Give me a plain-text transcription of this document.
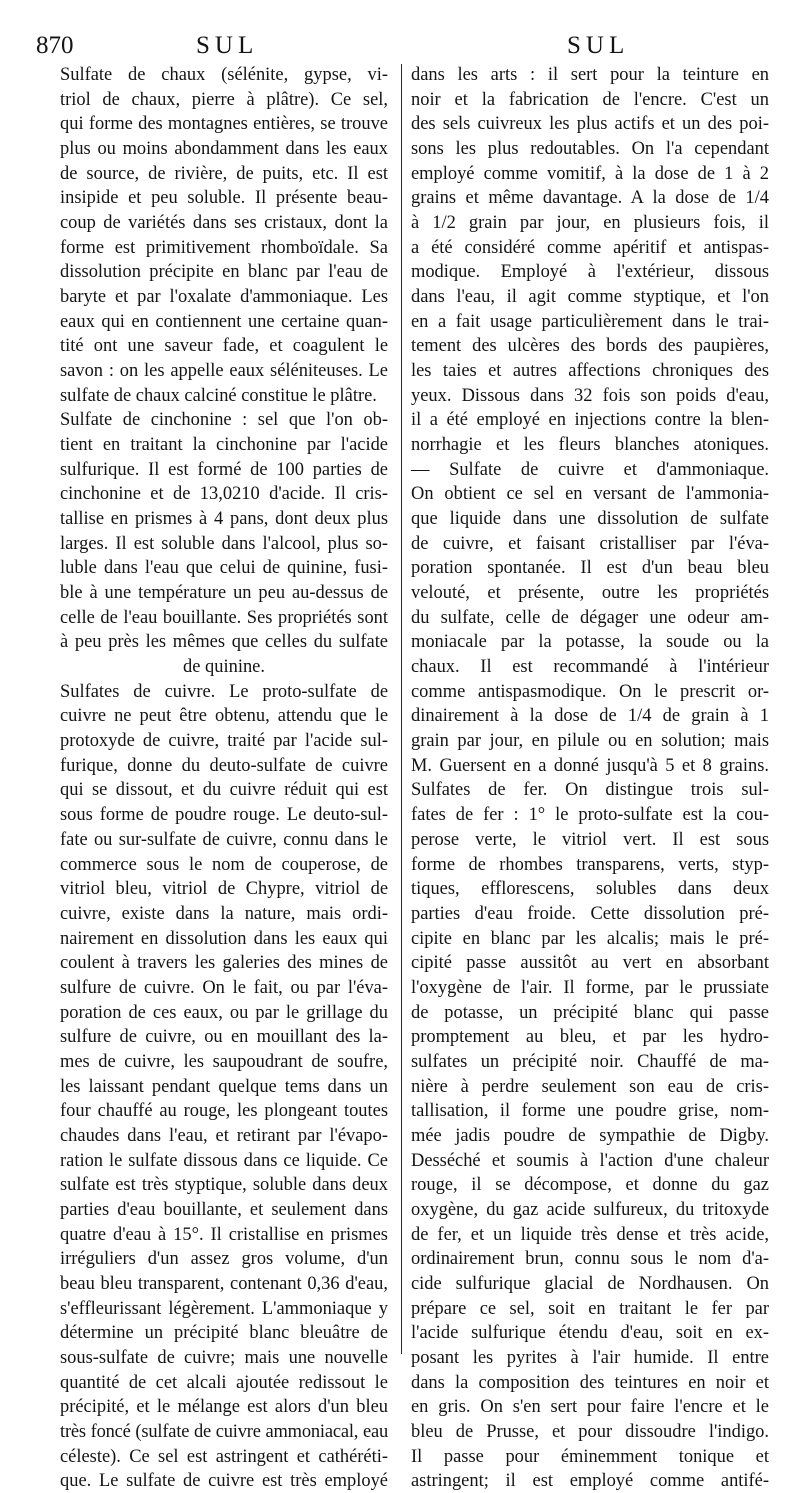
870	SUL	SUL
Sulfate de chaux (sélénite, gypse, vi-
triol de chaux, pierre à plâtre). Ce sel,
qui forme des montagnes entières, se trouve
plus ou moins abondamment dans les eaux
de source, de rivière, de puits, etc. Il est
insipide et peu soluble. Il présente beau-
coup de variétés dans ses cristaux, dont la
forme est primitivement rhomboïdale. Sa
dissolution précipite en blanc par l'eau de
baryte et par l'oxalate d'ammoniaque. Les
eaux qui en contiennent une certaine quan-
tité ont une saveur fade, et coagulent le
savon : on les appelle eaux séléniteuses. Le
sulfate de chaux calciné constitue le plâtre.
Sulfate de cinchonine : sel que l'on ob-
tient en traitant la cinchonine par l'acide
sulfurique. Il est formé de 100 parties de
cinchonine et de 13,0210 d'acide. Il cris-
tallise en prismes à 4 pans, dont deux plus
larges. Il est soluble dans l'alcool, plus so-
luble dans l'eau que celui de quinine, fusi-
ble à une température un peu au-dessus de
celle de l'eau bouillante. Ses propriétés sont
à peu près les mêmes que celles du sulfate
de quinine.
Sulfates de cuivre. Le proto-sulfate de
cuivre ne peut être obtenu, attendu que le
protoxyde de cuivre, traité par l'acide sul-
furique, donne du deuto-sulfate de cuivre
qui se dissout, et du cuivre réduit qui est
sous forme de poudre rouge. Le deuto-sul-
fate ou sur-sulfate de cuivre, connu dans le
commerce sous le nom de couperose, de
vitriol bleu, vitriol de Chypre, vitriol de
cuivre, existe dans la nature, mais ordi-
nairement en dissolution dans les eaux qui
coulent à travers les galeries des mines de
sulfure de cuivre. On le fait, ou par l'éva-
poration de ces eaux, ou par le grillage du
sulfure de cuivre, ou en mouillant des la-
mes de cuivre, les saupoudrant de soufre,
les laissant pendant quelque tems dans un
four chauffé au rouge, les plongeant toutes
chaudes dans l'eau, et retirant par l'évapo-
ration le sulfate dissous dans ce liquide. Ce
sulfate est très styptique, soluble dans deux
parties d'eau bouillante, et seulement dans
quatre d'eau à 15°. Il cristallise en prismes
irréguliers d'un assez gros volume, d'un
beau bleu transparent, contenant 0,36 d'eau,
s'effleurissant légèrement. L'ammoniaque y
détermine un précipité blanc bleuâtre de
sous-sulfate de cuivre; mais une nouvelle
quantité de cet alcali ajoutée redissout le
précipité, et le mélange est alors d'un bleu
très foncé (sulfate de cuivre ammoniacal, eau
céleste). Ce sel est astringent et cathéréti-
que. Le sulfate de cuivre est très employé
dans les arts : il sert pour la teinture en
noir et la fabrication de l'encre. C'est un
des sels cuivreux les plus actifs et un des poi-
sons les plus redoutables. On l'a cependant
employé comme vomitif, à la dose de 1 à 2
grains et même davantage. A la dose de 1/4
à 1/2 grain par jour, en plusieurs fois, il
a été considéré comme apéritif et antispas-
modique. Employé à l'extérieur, dissous
dans l'eau, il agit comme styptique, et l'on
en a fait usage particulièrement dans le trai-
tement des ulcères des bords des paupières,
les taies et autres affections chroniques des
yeux. Dissous dans 32 fois son poids d'eau,
il a été employé en injections contre la blen-
norrhagie et les fleurs blanches atoniques.
— Sulfate de cuivre et d'ammoniaque.
On obtient ce sel en versant de l'ammonia-
que liquide dans une dissolution de sulfate
de cuivre, et faisant cristalliser par l'éva-
poration spontanée. Il est d'un beau bleu
velouté, et présente, outre les propriétés
du sulfate, celle de dégager une odeur am-
moniacale par la potasse, la soude ou la
chaux. Il est recommandé à l'intérieur
comme antispasmodique. On le prescrit or-
dinairement à la dose de 1/4 de grain à 1
grain par jour, en pilule ou en solution; mais
M. Guersent en a donné jusqu'à 5 et 8 grains.
Sulfates de fer. On distingue trois sul-
fates de fer : 1° le proto-sulfate est la cou-
perose verte, le vitriol vert. Il est sous
forme de rhombes transparens, verts, styp-
tiques, efflorescens, solubles dans deux
parties d'eau froide. Cette dissolution pré-
cipite en blanc par les alcalis; mais le pré-
cipité passe aussitôt au vert en absorbant
l'oxygène de l'air. Il forme, par le prussiate
de potasse, un précipité blanc qui passe
promptement au bleu, et par les hydro-
sulfates un précipité noir. Chauffé de ma-
nière à perdre seulement son eau de cris-
tallisation, il forme une poudre grise, nom-
mée jadis poudre de sympathie de Digby.
Desséché et soumis à l'action d'une chaleur
rouge, il se décompose, et donne du gaz
oxygène, du gaz acide sulfureux, du tritoxyde
de fer, et un liquide très dense et très acide,
ordinairement brun, connu sous le nom d'a-
cide sulfurique glacial de Nordhausen. On
prépare ce sel, soit en traitant le fer par
l'acide sulfurique étendu d'eau, soit en ex-
posant les pyrites à l'air humide. Il entre
dans la composition des teintures en noir et
en gris. On s'en sert pour faire l'encre et le
bleu de Prusse, et pour dissoudre l'indigo.
Il passe pour éminemment tonique et
astringent; il est employé comme antifé-
